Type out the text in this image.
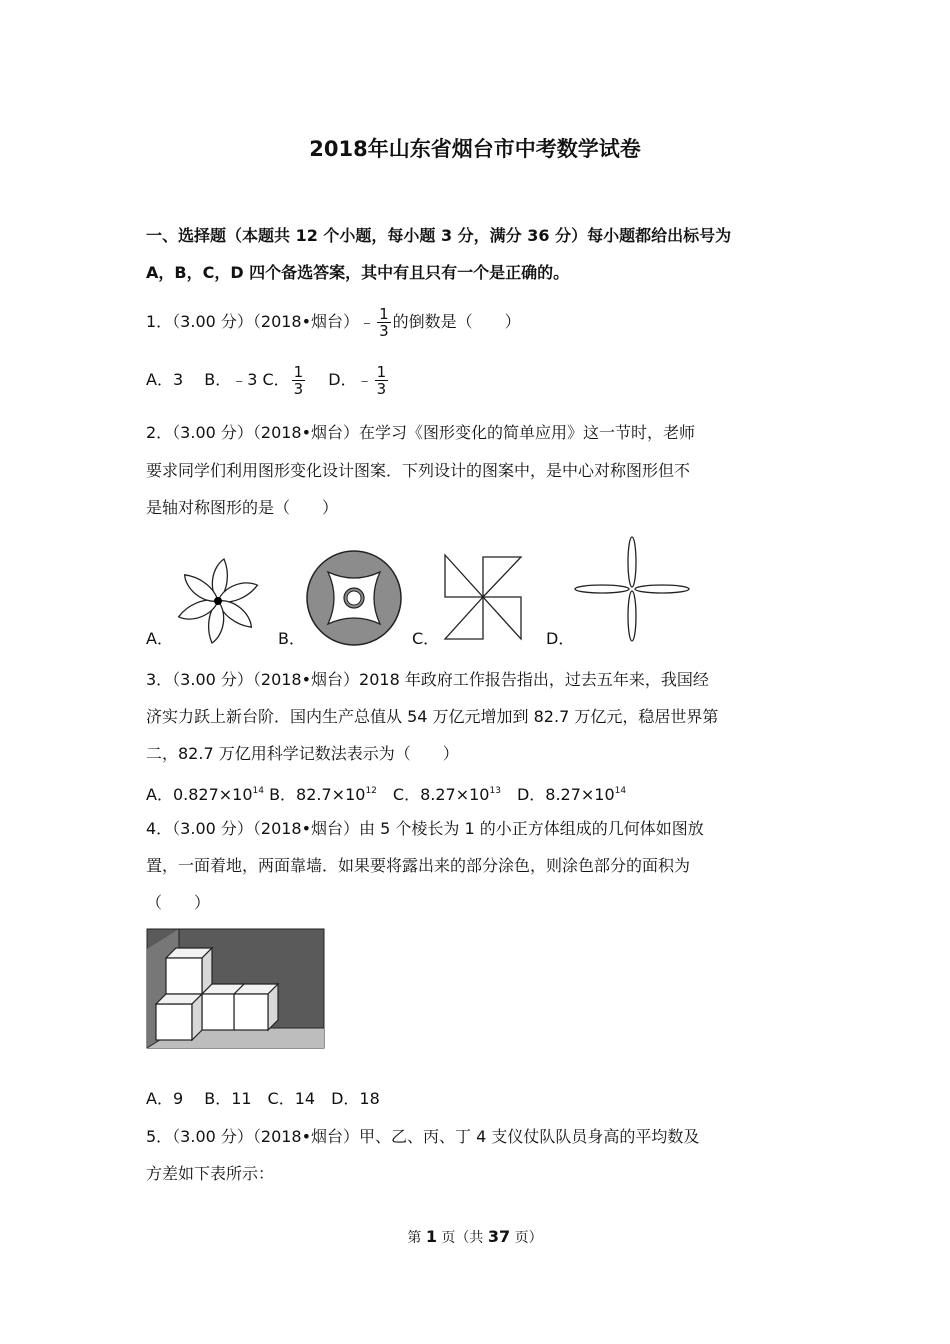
2018年山东省烟台市中考数学试卷
一、选择题（本题共 12 个小题，每小题 3 分，满分 36 分）每小题都给出标号为
A，B，C，D 四个备选答案，其中有且只有一个是正确的。
1．（3.00 分）（2018•烟台）﹣ $\frac{1}{3}$ 的倒数是（　　）
A．3　 B．﹣3 C． $\frac{1}{3}$
　 D．﹣ $\frac{1}{3}$
2．（3.00 分）（2018•烟台）在学习《图形变化的简单应用》这一节时，老师
要求同学们利用图形变化设计图案．下列设计的图案中，是中心对称图形但不
是轴对称图形的是（　　）
A．	B．	C．	D．
3．（3.00 分）（2018•烟台）2018 年政府工作报告指出，过去五年来，我国经
济实力跃上新台阶．国内生产总值从 54 万亿元增加到 82.7 万亿元，稳居世界第
二，82.7 万亿用科学记数法表示为（　　）
A．$0.827\times 10^{14}$ B．$82.7\times 10^{12}$　C．$8.27\times 10^{13}$　D．$8.27\times 10^{14}$
4．（3.00 分）（2018•烟台）由 5 个棱长为 1 的小正方体组成的几何体如图放
置，一面着地，两面靠墙．如果要将露出来的部分涂色，则涂色部分的面积为
（　　）
A．9　 B．11　C．14　D．18
5．（3.00 分）（2018•烟台）甲、乙、丙、丁 4 支仪仗队队员身高的平均数及
方差如下表所示：
第 1 页（共 37 页）
